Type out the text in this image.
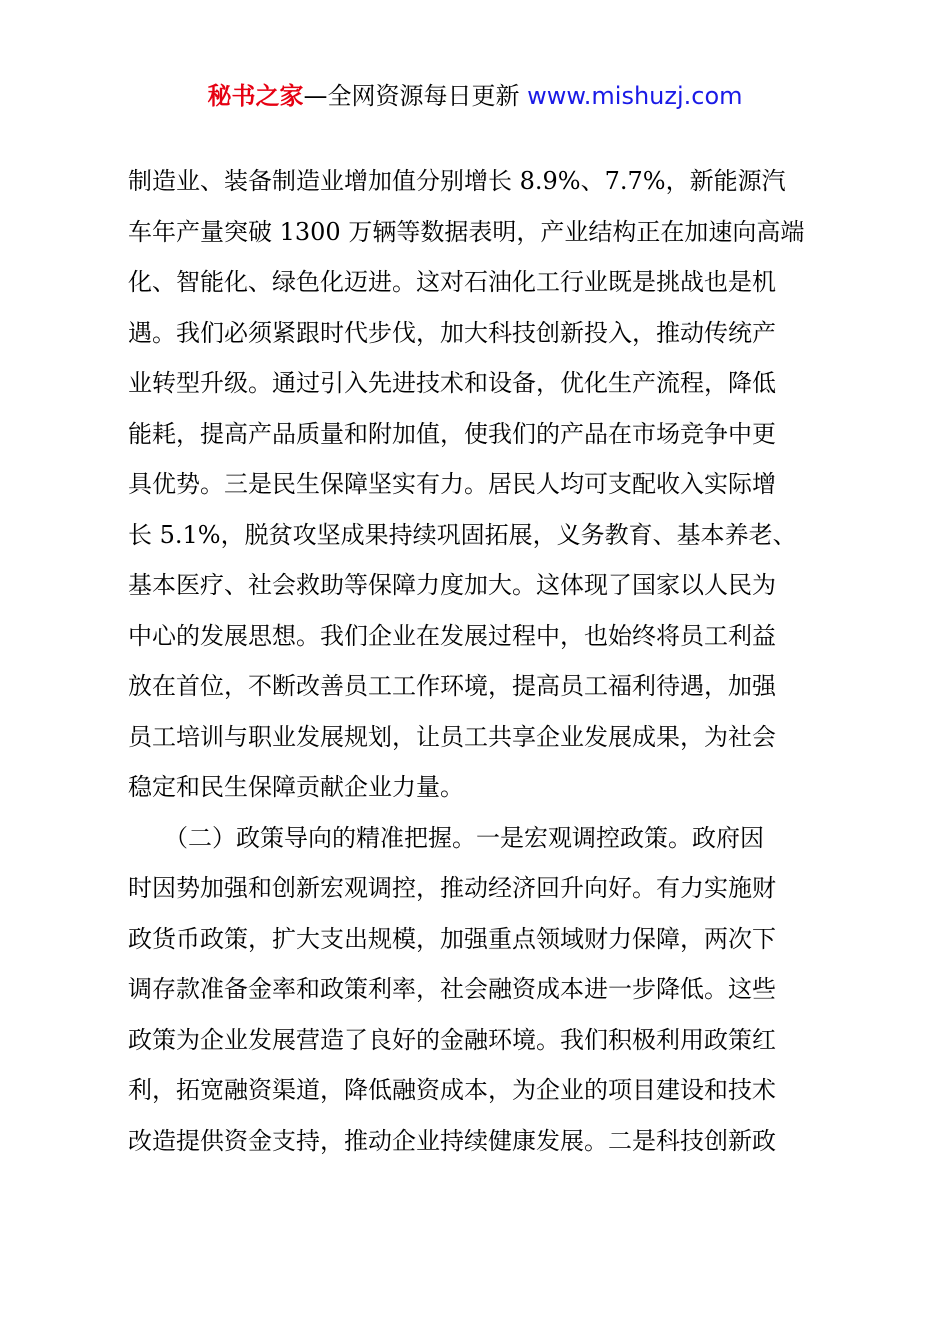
秘书之家—全网资源每日更新 www.mishuzj.com
制造业、装备制造业增加值分别增长 8.9%、7.7%，新能源汽
车年产量突破 1300 万辆等数据表明，产业结构正在加速向高端
化、智能化、绿色化迈进。这对石油化工行业既是挑战也是机
遇。我们必须紧跟时代步伐，加大科技创新投入，推动传统产
业转型升级。通过引入先进技术和设备，优化生产流程，降低
能耗，提高产品质量和附加值，使我们的产品在市场竞争中更
具优势。三是民生保障坚实有力。居民人均可支配收入实际增
长 5.1%，脱贫攻坚成果持续巩固拓展，义务教育、基本养老、
基本医疗、社会救助等保障力度加大。这体现了国家以人民为
中心的发展思想。我们企业在发展过程中，也始终将员工利益
放在首位，不断改善员工工作环境，提高员工福利待遇，加强
员工培训与职业发展规划，让员工共享企业发展成果，为社会
稳定和民生保障贡献企业力量。
　　（二）政策导向的精准把握。一是宏观调控政策。政府因
时因势加强和创新宏观调控，推动经济回升向好。有力实施财
政货币政策，扩大支出规模，加强重点领域财力保障，两次下
调存款准备金率和政策利率，社会融资成本进一步降低。这些
政策为企业发展营造了良好的金融环境。我们积极利用政策红
利，拓宽融资渠道，降低融资成本，为企业的项目建设和技术
改造提供资金支持，推动企业持续健康发展。二是科技创新政
